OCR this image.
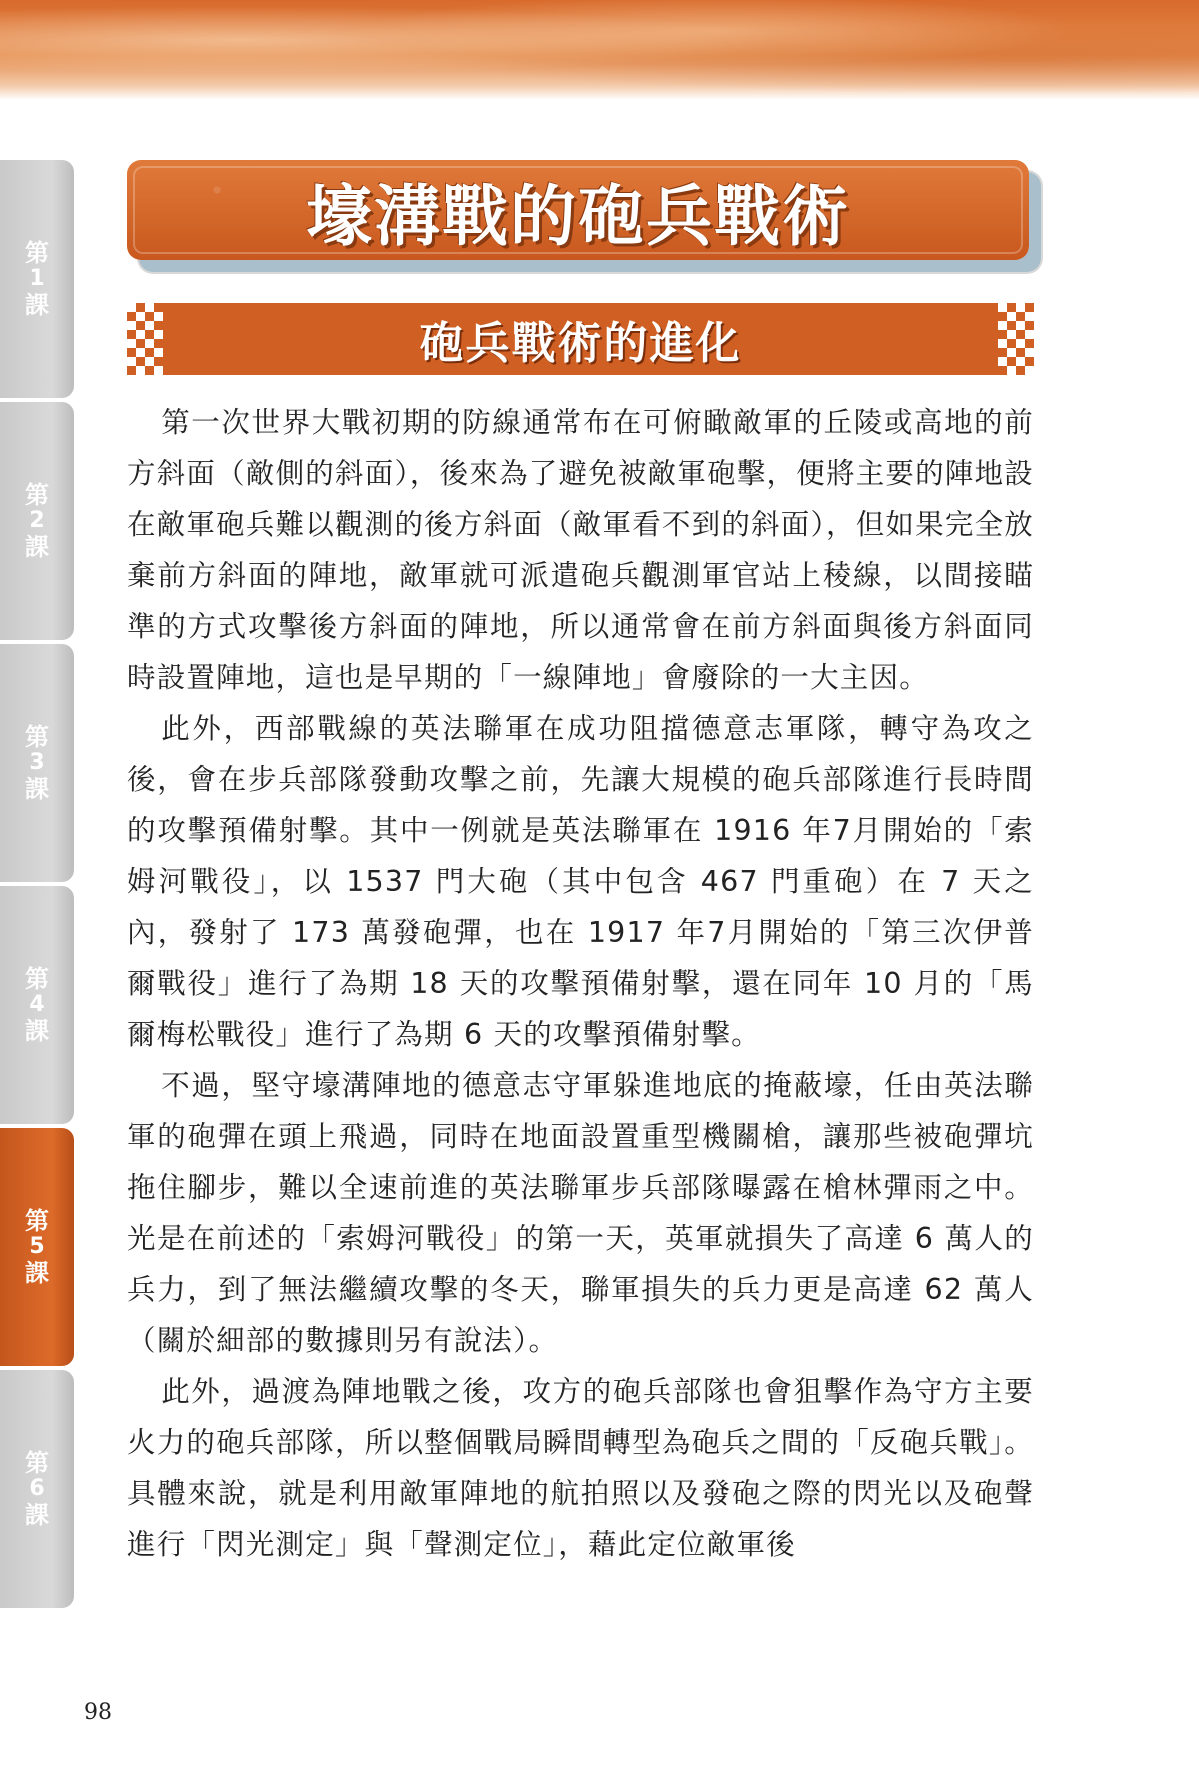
第
1
課
第
2
課
第
3
課
第
4
課
第
5
課
第
6
課
壕溝戰的砲兵戰術
砲兵戰術的進化

第一次世界大戰初期的防線通常布在可俯瞰敵軍的丘陵或高地的前方斜面（敵側的斜面），後來為了避免被敵軍砲擊，便將主要的陣地設在敵軍砲兵難以觀測的後方斜面（敵軍看不到的斜面），但如果完全放棄前方斜面的陣地，敵軍就可派遣砲兵觀測軍官站上稜線，以間接瞄準的方式攻擊後方斜面的陣地，所以通常會在前方斜面與後方斜面同時設置陣地，這也是早期的「一線陣地」會廢除的一大主因。

此外，西部戰線的英法聯軍在成功阻擋德意志軍隊，轉守為攻之後，會在步兵部隊發動攻擊之前，先讓大規模的砲兵部隊進行長時間的攻擊預備射擊。其中一例就是英法聯軍在 1916 年7月開始的「索姆河戰役」，以 1537 門大砲（其中包含 467 門重砲）在 7 天之內，發射了 173 萬發砲彈，也在 1917 年7月開始的「第三次伊普爾戰役」進行了為期 18 天的攻擊預備射擊，還在同年 10 月的「馬爾梅松戰役」進行了為期 6 天的攻擊預備射擊。

不過，堅守壕溝陣地的德意志守軍躲進地底的掩蔽壕，任由英法聯軍的砲彈在頭上飛過，同時在地面設置重型機關槍，讓那些被砲彈坑拖住腳步，難以全速前進的英法聯軍步兵部隊曝露在槍林彈雨之中。光是在前述的「索姆河戰役」的第一天，英軍就損失了高達 6 萬人的兵力，到了無法繼續攻擊的冬天，聯軍損失的兵力更是高達 62 萬人（關於細部的數據則另有說法）。

此外，過渡為陣地戰之後，攻方的砲兵部隊也會狙擊作為守方主要火力的砲兵部隊，所以整個戰局瞬間轉型為砲兵之間的「反砲兵戰」。具體來說，就是利用敵軍陣地的航拍照以及發砲之際的閃光以及砲聲進行「閃光測定」與「聲測定位」，藉此定位敵軍後

98
